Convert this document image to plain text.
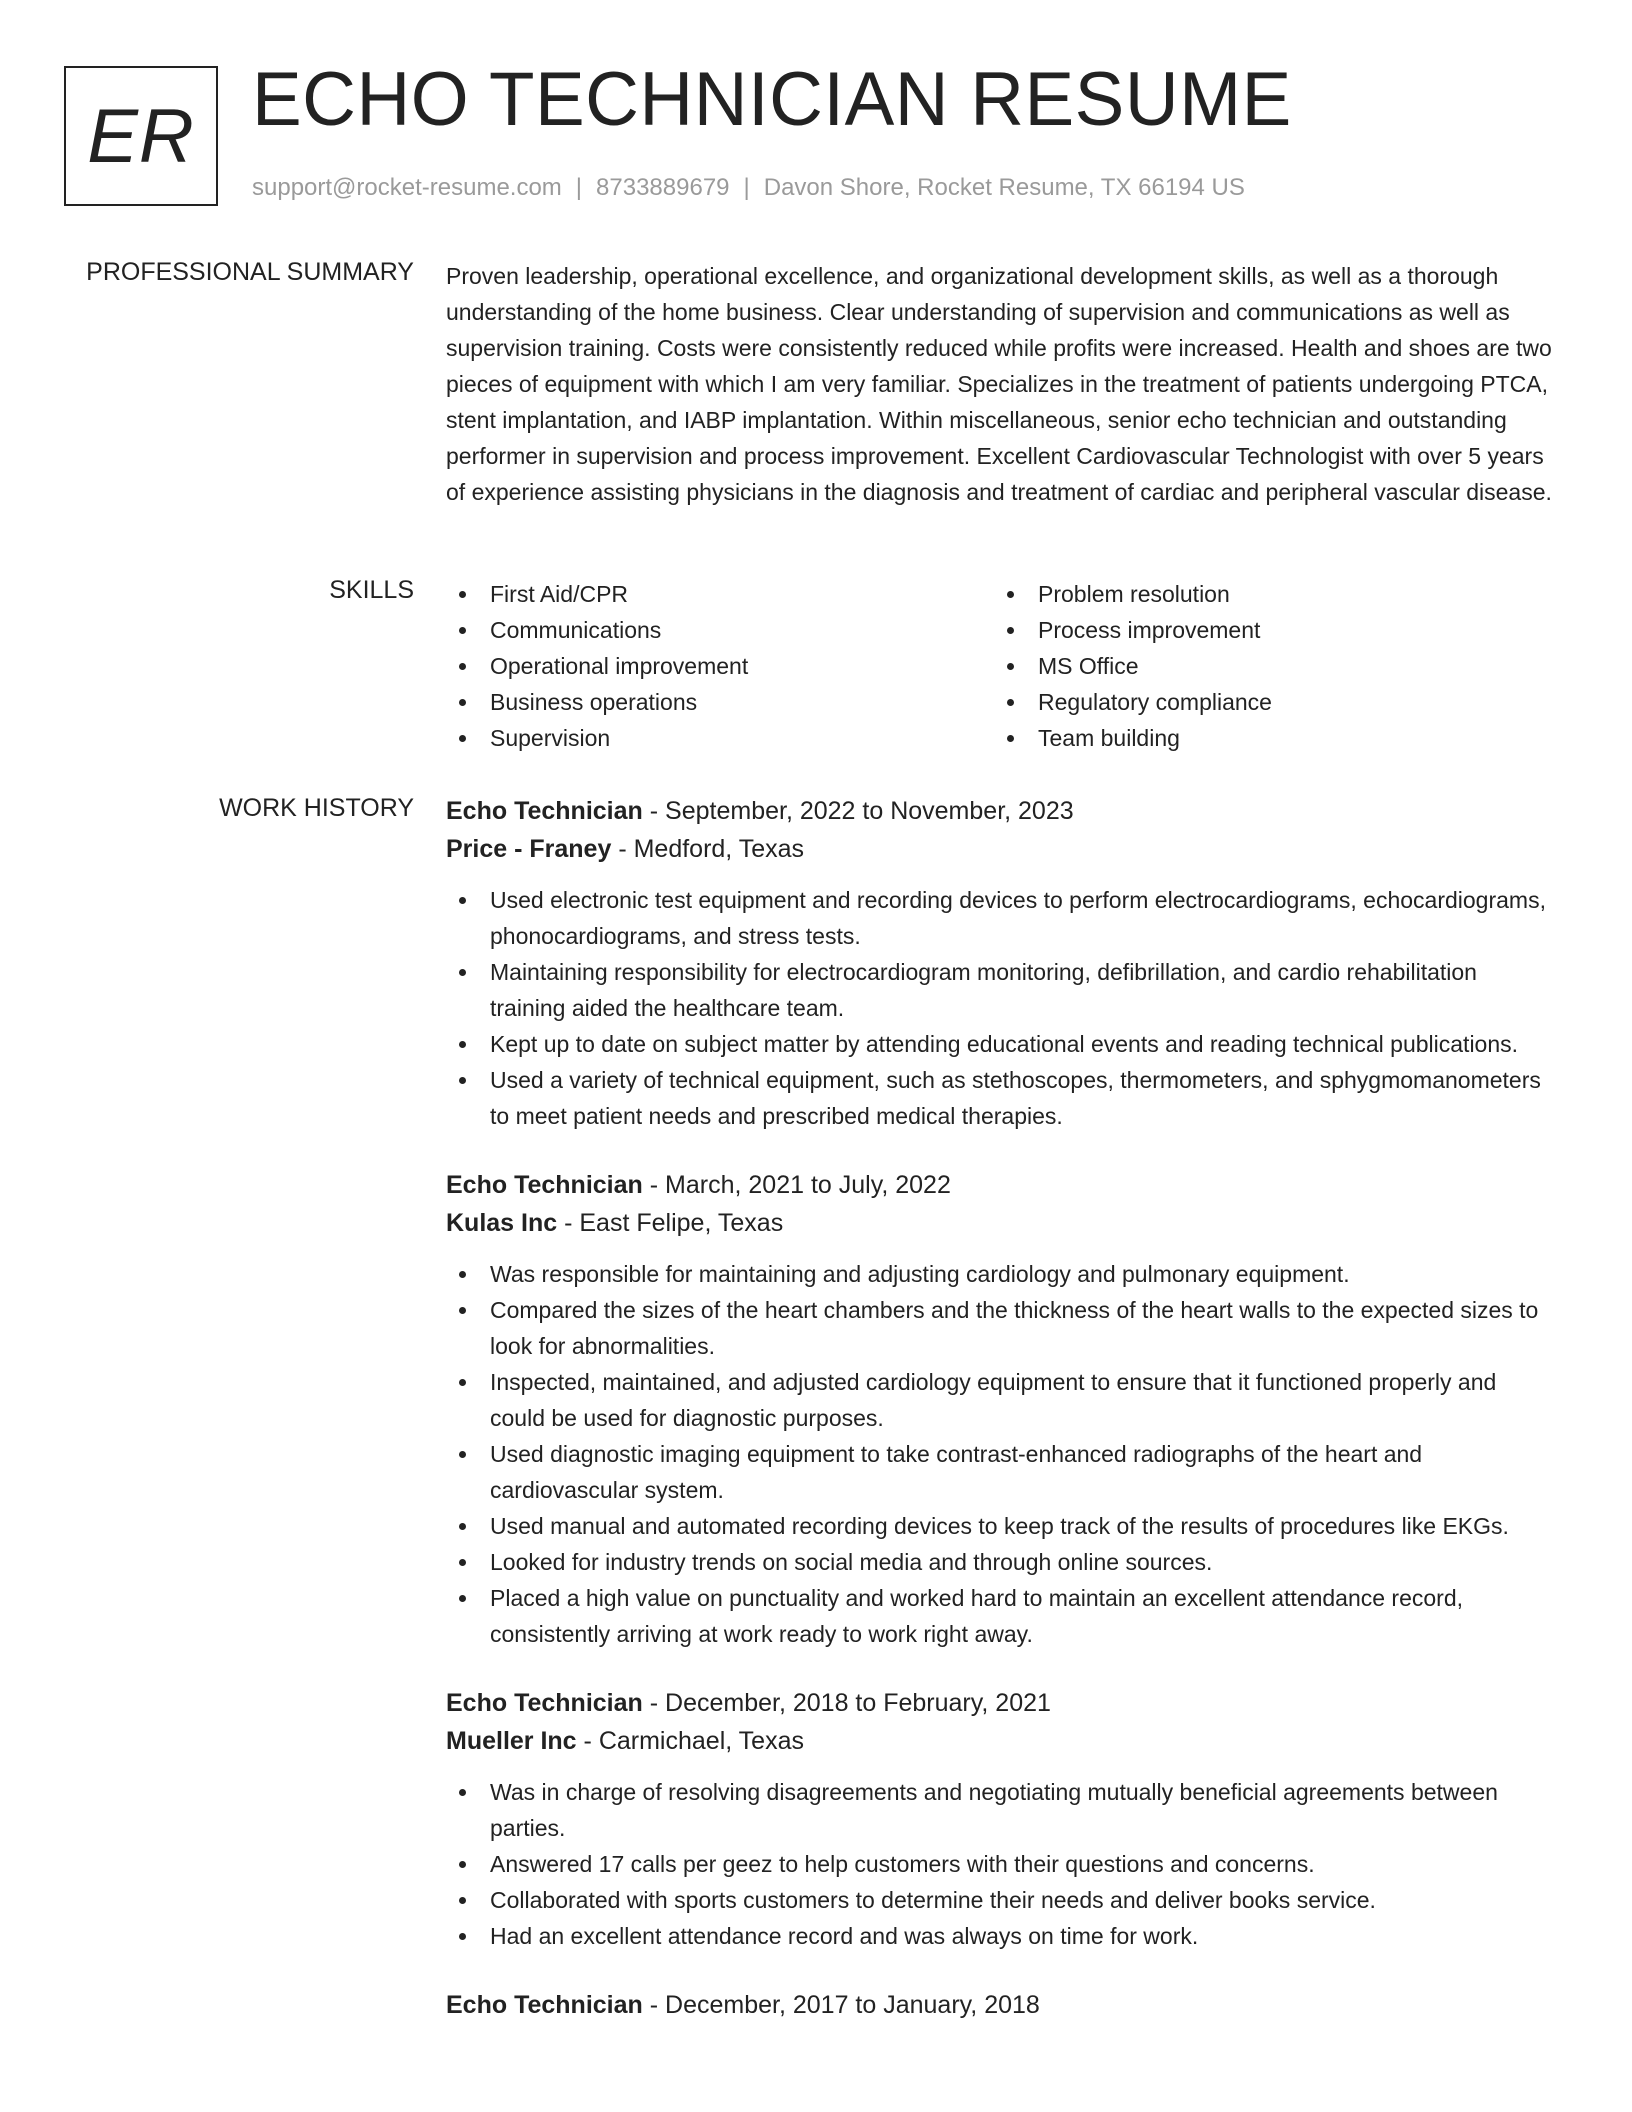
ER ECHO TECHNICIAN RESUME
support@rocket-resume.com | 8733889679 | Davon Shore, Rocket Resume, TX 66194 US
PROFESSIONAL SUMMARY Proven leadership, operational excellence, and organizational development skills, as well as a thorough understanding of the home business. Clear understanding of supervision and communications as well as supervision training. Costs were consistently reduced while profits were increased. Health and shoes are two pieces of equipment with which I am very familiar. Specializes in the treatment of patients undergoing PTCA, stent implantation, and IABP implantation. Within miscellaneous, senior echo technician and outstanding performer in supervision and process improvement. Excellent Cardiovascular Technologist with over 5 years of experience assisting physicians in the diagnosis and treatment of cardiac and peripheral vascular disease.

SKILLS	First Aid/CPR
Communications
Operational improvement
Business operations
Supervision
Problem resolution
Process improvement
MS Office
Regulatory compliance
Team building
WORK HISTORY Echo Technician - September, 2022 to November, 2023
Price - Franey - Medford, Texas
Used electronic test equipment and recording devices to perform electrocardiograms, echocardiograms, phonocardiograms, and stress tests.
Maintaining responsibility for electrocardiogram monitoring, defibrillation, and cardio rehabilitation training aided the healthcare team.
Kept up to date on subject matter by attending educational events and reading technical publications.
Used a variety of technical equipment, such as stethoscopes, thermometers, and sphygmomanometers to meet patient needs and prescribed medical therapies.
Echo Technician - March, 2021 to July, 2022
Kulas Inc - East Felipe, Texas
Was responsible for maintaining and adjusting cardiology and pulmonary equipment.
Compared the sizes of the heart chambers and the thickness of the heart walls to the expected sizes to look for abnormalities.
Inspected, maintained, and adjusted cardiology equipment to ensure that it functioned properly and could be used for diagnostic purposes.
Used diagnostic imaging equipment to take contrast-enhanced radiographs of the heart and cardiovascular system.
Used manual and automated recording devices to keep track of the results of procedures like EKGs.
Looked for industry trends on social media and through online sources.
Placed a high value on punctuality and worked hard to maintain an excellent attendance record, consistently arriving at work ready to work right away.
Echo Technician - December, 2018 to February, 2021
Mueller Inc - Carmichael, Texas
Was in charge of resolving disagreements and negotiating mutually beneficial agreements between parties.
Answered 17 calls per geez to help customers with their questions and concerns.
Collaborated with sports customers to determine their needs and deliver books service.
Had an excellent attendance record and was always on time for work.
Echo Technician - December, 2017 to January, 2018
